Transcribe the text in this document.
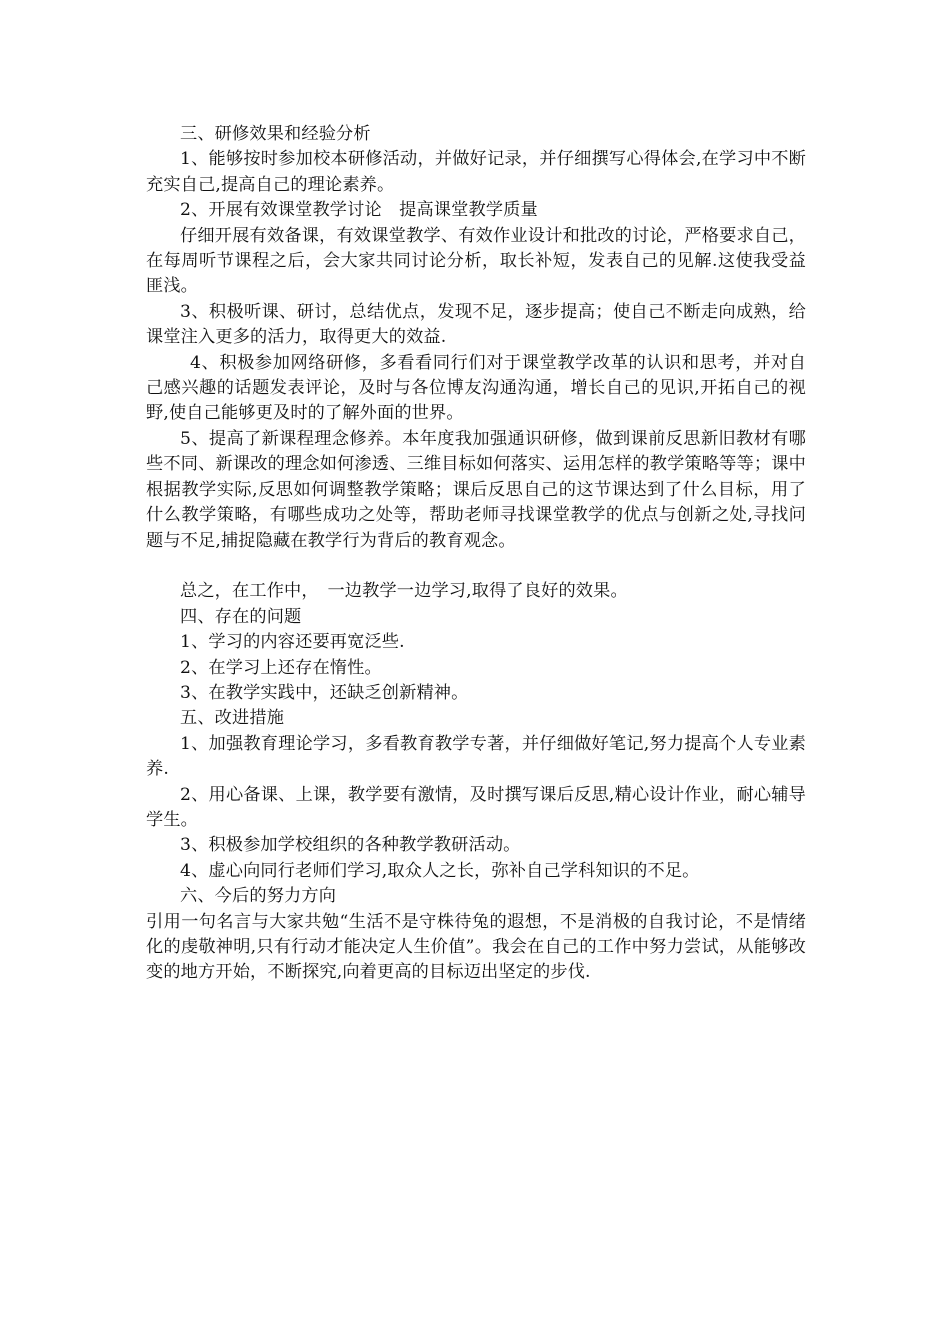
三、研修效果和经验分析

1、能够按时参加校本研修活动，并做好记录，并仔细撰写心得体会,在学习中不断充实自己,提高自己的理论素养。

2、开展有效课堂教学讨论　提高课堂教学质量

仔细开展有效备课，有效课堂教学、有效作业设计和批改的讨论，严格要求自己，在每周听节课程之后，会大家共同讨论分析，取长补短，发表自己的见解.这使我受益匪浅。

3、积极听课、研讨，总结优点，发现不足，逐步提高；使自己不断走向成熟，给课堂注入更多的活力，取得更大的效益.

4、积极参加网络研修，多看看同行们对于课堂教学改革的认识和思考，并对自己感兴趣的话题发表评论，及时与各位博友沟通沟通，增长自己的见识,开拓自己的视野,使自己能够更及时的了解外面的世界。

5、提高了新课程理念修养。本年度我加强通识研修，做到课前反思新旧教材有哪些不同、新课改的理念如何渗透、三维目标如何落实、运用怎样的教学策略等等；课中根据教学实际,反思如何调整教学策略；课后反思自己的这节课达到了什么目标，用了什么教学策略，有哪些成功之处等，帮助老师寻找课堂教学的优点与创新之处,寻找问题与不足,捕捉隐藏在教学行为背后的教育观念。

总之，在工作中，　一边教学一边学习,取得了良好的效果。

四、存在的问题

1、学习的内容还要再宽泛些.

2、在学习上还存在惰性。

3、在教学实践中，还缺乏创新精神。

五、改进措施

1、加强教育理论学习，多看教育教学专著，并仔细做好笔记,努力提高个人专业素养.

2、用心备课、上课，教学要有激情，及时撰写课后反思,精心设计作业，耐心辅导学生。

3、积极参加学校组织的各种教学教研活动。

4、虚心向同行老师们学习,取众人之长，弥补自己学科知识的不足。

六、今后的努力方向

引用一句名言与大家共勉“生活不是守株待兔的遐想，不是消极的自我讨论，不是情绪化的虔敬神明,只有行动才能决定人生价值”。我会在自己的工作中努力尝试，从能够改变的地方开始，不断探究,向着更高的目标迈出坚定的步伐.
